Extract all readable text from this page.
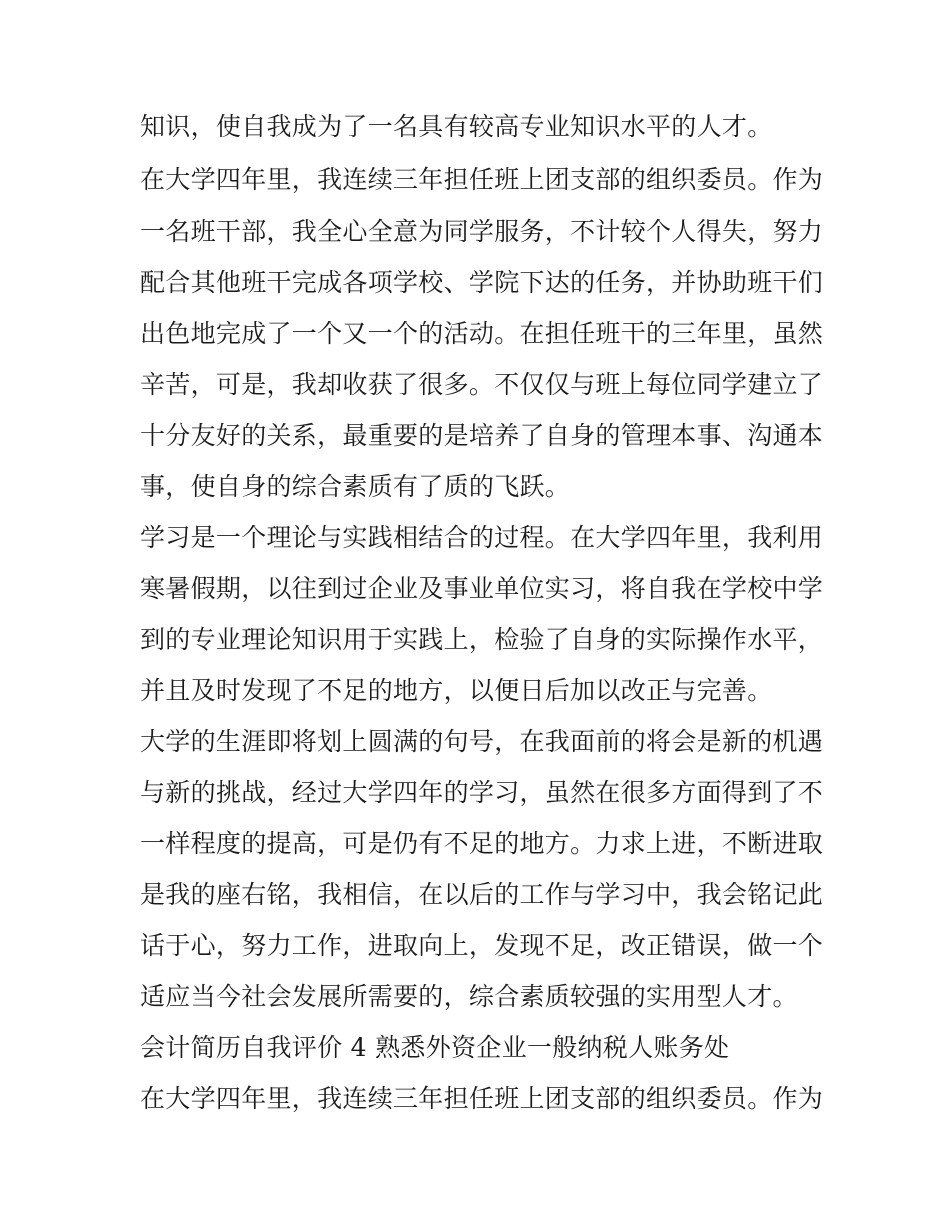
知识，使自我成为了一名具有较高专业知识水平的人才。
在大学四年里，我连续三年担任班上团支部的组织委员。作为
一名班干部，我全心全意为同学服务，不计较个人得失，努力
配合其他班干完成各项学校、学院下达的任务，并协助班干们
出色地完成了一个又一个的活动。在担任班干的三年里，虽然
辛苦，可是，我却收获了很多。不仅仅与班上每位同学建立了
十分友好的关系，最重要的是培养了自身的管理本事、沟通本
事，使自身的综合素质有了质的飞跃。
学习是一个理论与实践相结合的过程。在大学四年里，我利用
寒暑假期，以往到过企业及事业单位实习，将自我在学校中学
到的专业理论知识用于实践上，检验了自身的实际操作水平，
并且及时发现了不足的地方，以便日后加以改正与完善。
大学的生涯即将划上圆满的句号，在我面前的将会是新的机遇
与新的挑战，经过大学四年的学习，虽然在很多方面得到了不
一样程度的提高，可是仍有不足的地方。力求上进，不断进取
是我的座右铭，我相信，在以后的工作与学习中，我会铭记此
话于心，努力工作，进取向上，发现不足，改正错误，做一个
适应当今社会发展所需要的，综合素质较强的实用型人才。
会计简历自我评价 4 熟悉外资企业一般纳税人账务处
在大学四年里，我连续三年担任班上团支部的组织委员。作为
